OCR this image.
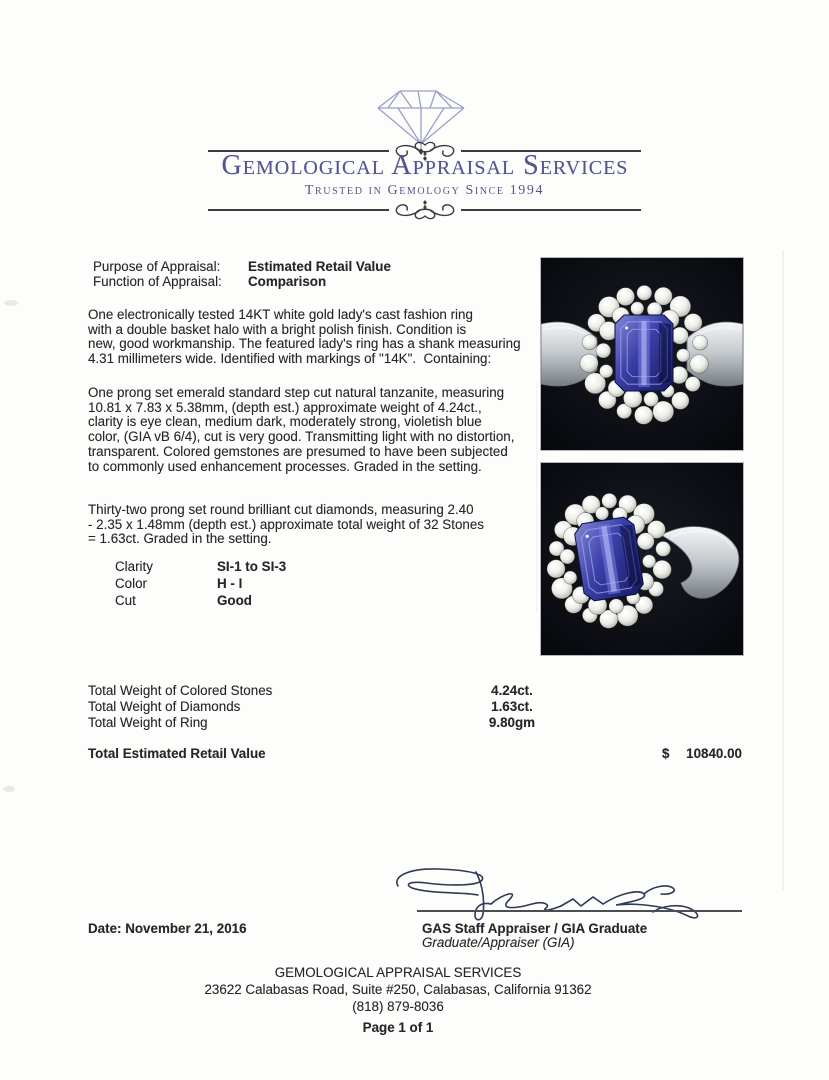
Gemological Appraisal Services
Trusted in Gemology Since 1994
Purpose of Appraisal: Estimated Retail Value
Function of Appraisal: Comparison
One electronically tested 14KT white gold lady's cast fashion ring
with a double basket halo with a bright polish finish. Condition is
new, good workmanship. The featured lady's ring has a shank measuring
4.31 millimeters wide. Identified with markings of "14K".  Containing:
One prong set emerald standard step cut natural tanzanite, measuring
10.81 x 7.83 x 5.38mm, (depth est.) approximate weight of 4.24ct.,
clarity is eye clean, medium dark, moderately strong, violetish blue
color, (GIA vB 6/4), cut is very good. Transmitting light with no distortion,
transparent. Colored gemstones are presumed to have been subjected
to commonly used enhancement processes. Graded in the setting.
Thirty-two prong set round brilliant cut diamonds, measuring 2.40
- 2.35 x 1.48mm (depth est.) approximate total weight of 32 Stones
= 1.63ct. Graded in the setting.
Clarity	SI-1 to SI-3
Color	H - I
Cut	Good
Total Weight of Colored Stones	4.24ct.
Total Weight of Diamonds	1.63ct.
Total Weight of Ring	9.80gm
Total Estimated Retail Value	$ 10840.00
Date: November 21, 2016	GAS Staff Appraiser / GIA Graduate
Graduate/Appraiser (GIA)
GEMOLOGICAL APPRAISAL SERVICES
23622 Calabasas Road, Suite #250, Calabasas, California 91362
(818) 879-8036
Page 1 of 1
